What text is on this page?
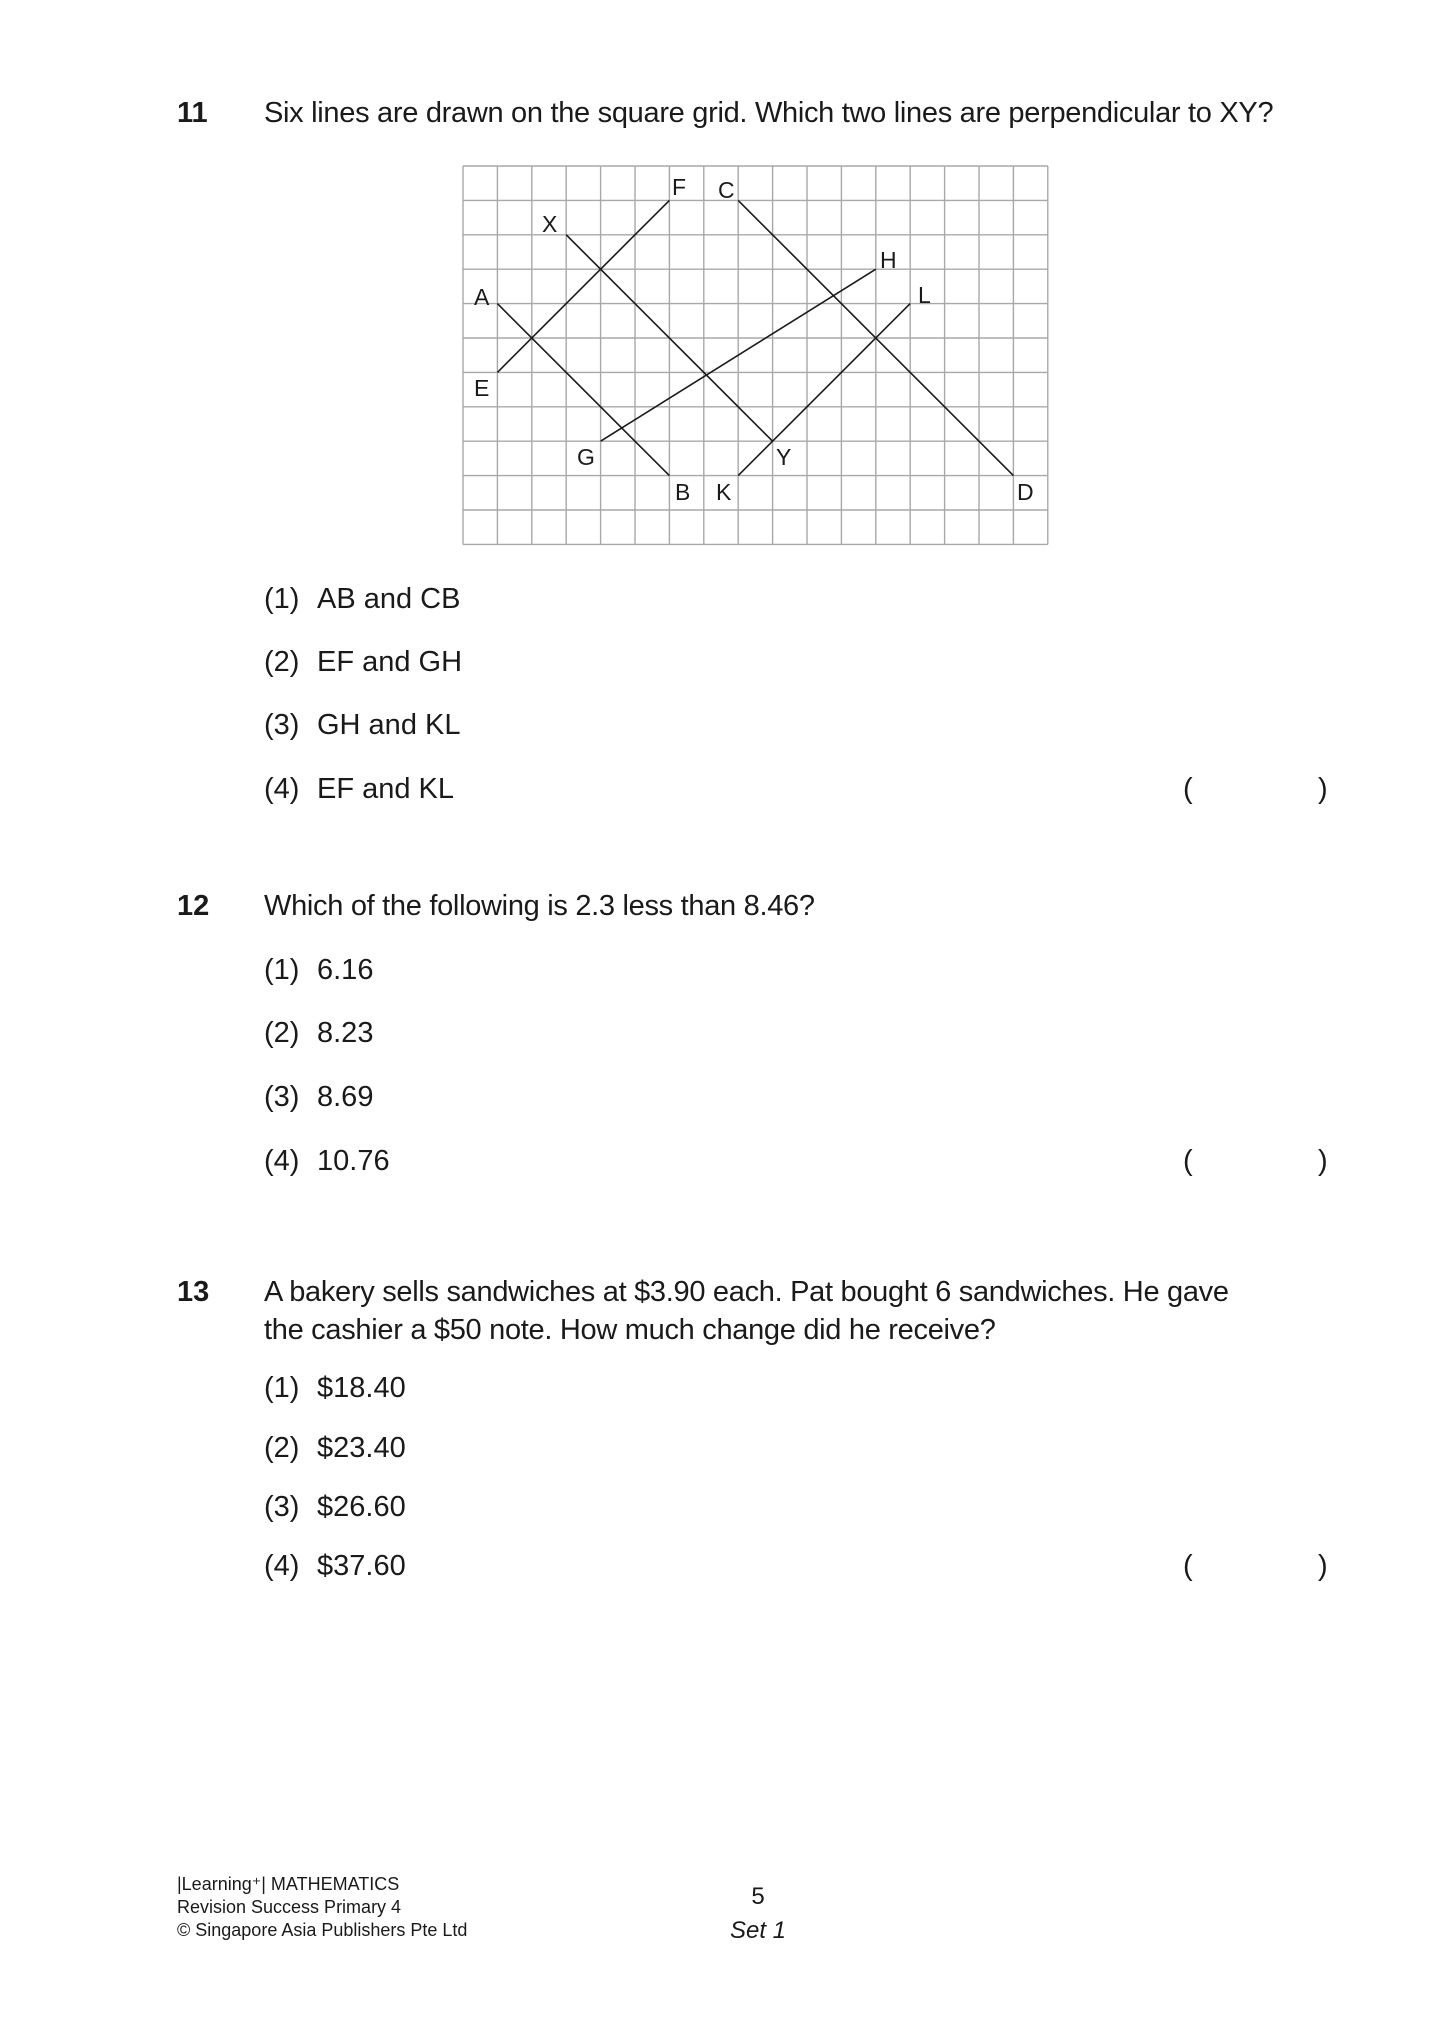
11 Six lines are drawn on the square grid. Which two lines are perpendicular to XY?
A
B
C
D
E
F
G
H
K
L
X
Y
(1) AB and CB
(2) EF and GH
(3) GH and KL
(4) EF and KL	(	)
12 Which of the following is 2.3 less than 8.46?
(1) 6.16
(2) 8.23
(3) 8.69
(4) 10.76	(	)
13 A bakery sells sandwiches at $3.90 each. Pat bought 6 sandwiches. He gave
the cashier a $50 note. How much change did he receive?
(1) $18.40
(2) $23.40
(3) $26.60
(4) $37.60	(	)
|Learning⁺| MATHEMATICS
Revision Success Primary 4
© Singapore Asia Publishers Pte Ltd
5
Set 1
